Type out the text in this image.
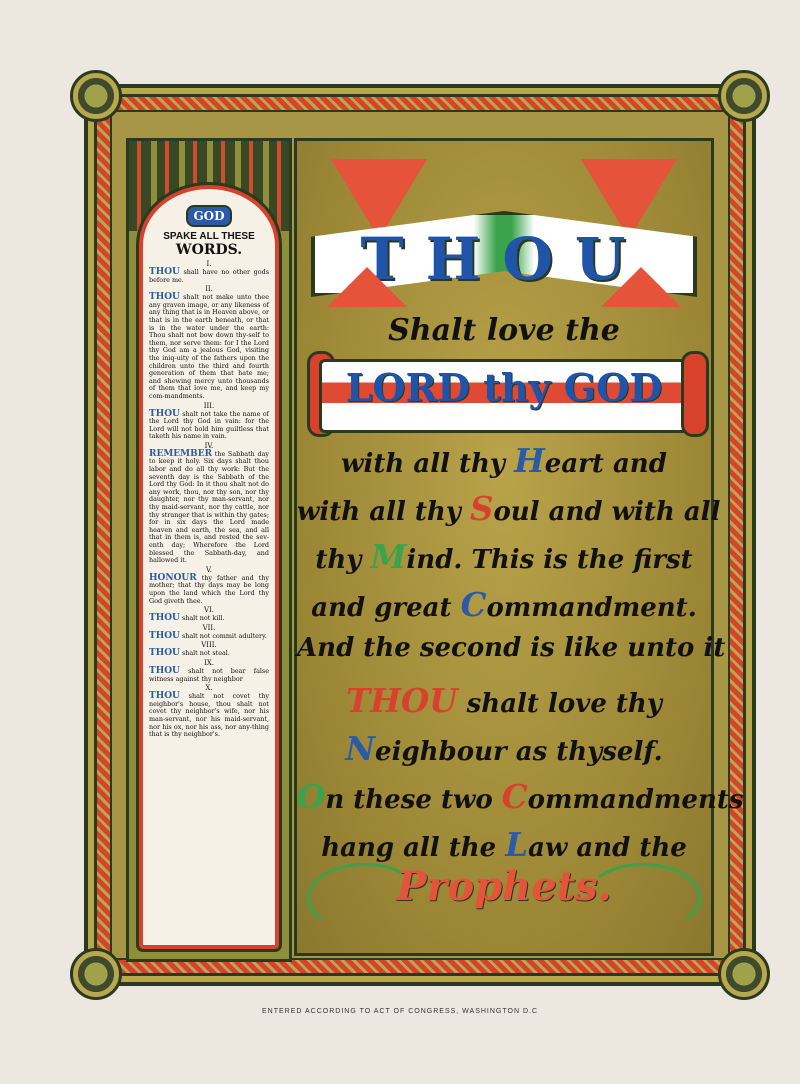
GOD
SPAKE ALL THESE
WORDS.
I.

THOU shall have no other gods before me.

II.

THOU shalt not make unto thee any graven image, or any likeness of any thing that is in Heaven above, or that is in the earth beneath, or that is in the water under the earth: Thou shalt not bow down thy-self to them, nor serve them: for I the Lord thy God am a jealous God, visiting the iniq-uity of the fathers upon the children unto the third and fourth generation of them that hate me; and shewing mercy unto thousands of them that love me, and keep my com-mandments.

III.

THOU shalt not take the name of the Lord thy God in vain: for the Lord will not hold him guiltless that taketh his name in vain.

IV.

REMEMBER the Sabbath day to keep it holy. Six days shalt thou labor and do all thy work: But the seventh day is the Sabbath of the Lord thy God: In it thou shalt not do any work, thou, nor thy son, nor thy daughter, nor thy man-servant, nor thy maid-servant, nor thy cattle, nor thy stranger that is within thy gates; for in six days the Lord made heaven and earth, the sea, and all that in them is, and rested the sev-enth day; Wherefore the Lord blessed the Sabbath-day, and hallowed it.

V.

HONOUR thy father and thy mother; that thy days may be long upon the land which the Lord thy God giveth thee.

VI.

THOU shalt not kill.

VII.

THOU shalt not commit adultery.

VIII.

THOU shalt not steal.

IX.

THOU shalt not bear false witness against thy neighbor

X.

THOU shalt not covet thy neighbor's house, thou shalt not covet thy neighbor's wife, nor his man-servant, nor his maid-servant, nor his ox, nor his ass, nor any-thing that is thy neighbor's.

THOU
Shalt love the
LORD thy GOD
with all thy Heart and
with all thy Soul and with all
thy Mind. This is the first
and great Commandment.
And the second is like unto it
THOU shalt love thy
Neighbour as thyself.
On these two Commandments
hang all the Law and the
Prophets.
ENTERED ACCORDING TO ACT OF CONGRESS, WASHINGTON D.C
